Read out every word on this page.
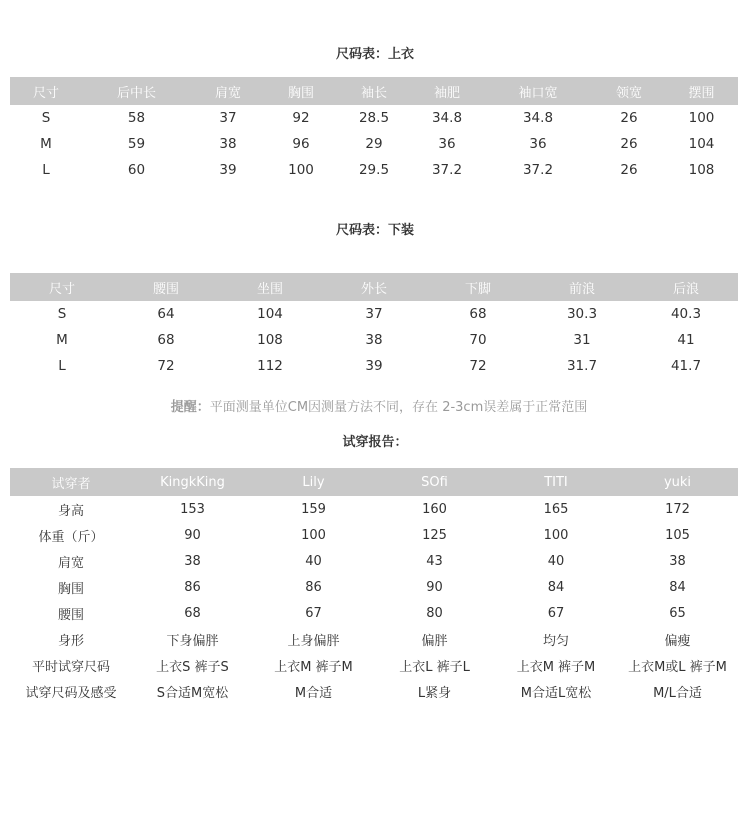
尺码表：上衣
尺寸	后中长	肩宽	胸围	袖长	袖肥	袖口宽	领宽	摆围
S	58	37	92	28.5	34.8	34.8	26	100
M	59	38	96	29	36	36	26	104
L	60	39	100	29.5	37.2	37.2	26	108
尺码表：下装
尺寸	腰围	坐围	外长	下脚	前浪	后浪
S	64	104	37	68	30.3	40.3
M	68	108	38	70	31	41
L	72	112	39	72	31.7	41.7
提醒：平面测量单位CM因测量方法不同，存在 2-3cm误差属于正常范围
试穿报告：
试穿者	KingkKing	Lily	SOfi	TITI	yuki
身高	153	159	160	165	172
体重（斤）	90	100	125	100	105
肩宽	38	40	43	40	38
胸围	86	86	90	84	84
腰围	68	67	80	67	65
身形	下身偏胖	上身偏胖	偏胖	均匀	偏瘦
平时试穿尺码	上衣S 裤子S	上衣M 裤子M	上衣L 裤子L	上衣M 裤子M	上衣M或L 裤子M
试穿尺码及感受	S合适M宽松	M合适	L紧身	M合适L宽松	M/L合适
